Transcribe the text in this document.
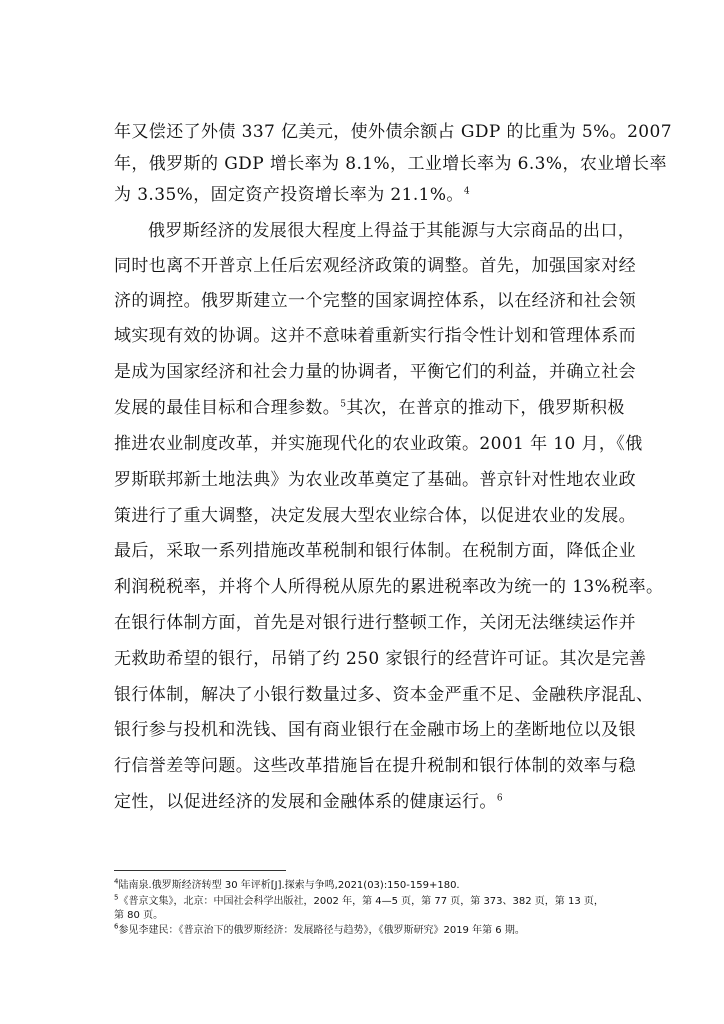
年又偿还了外债 337 亿美元，使外债余额占 GDP 的比重为 5%。2007
年，俄罗斯的 GDP 增长率为 8.1%，工业增长率为 6.3%，农业增长率
为 3.35%，固定资产投资增长率为 21.1%。$^4$
俄罗斯经济的发展很大程度上得益于其能源与大宗商品的出口，
同时也离不开普京上任后宏观经济政策的调整。首先，加强国家对经
济的调控。俄罗斯建立一个完整的国家调控体系，以在经济和社会领
域实现有效的协调。这并不意味着重新实行指令性计划和管理体系而
是成为国家经济和社会力量的协调者，平衡它们的利益，并确立社会
发展的最佳目标和合理参数。$^5$其次，在普京的推动下，俄罗斯积极
推进农业制度改革，并实施现代化的农业政策。2001 年 10 月，《俄
罗斯联邦新土地法典》为农业改革奠定了基础。普京针对性地农业政
策进行了重大调整，决定发展大型农业综合体，以促进农业的发展。
最后，采取一系列措施改革税制和银行体制。在税制方面，降低企业
利润税税率，并将个人所得税从原先的累进税率改为统一的 13%税率。
在银行体制方面，首先是对银行进行整顿工作，关闭无法继续运作并
无救助希望的银行，吊销了约 250 家银行的经营许可证。其次是完善
银行体制，解决了小银行数量过多、资本金严重不足、金融秩序混乱、
银行参与投机和洗钱、国有商业银行在金融市场上的垄断地位以及银
行信誉差等问题。这些改革措施旨在提升税制和银行体制的效率与稳
定性，以促进经济的发展和金融体系的健康运行。$^6$
$^4$陆南泉.俄罗斯经济转型 30 年评析[J].探索与争鸣,2021(03):150-159+180.
$^5$《普京文集》，北京：中国社会科学出版社，2002 年，第 4—5 页，第 77 页，第 373、382 页，第 13 页，
第 80 页。
$^6$参见李建民：《普京治下的俄罗斯经济：发展路径与趋势》，《俄罗斯研究》2019 年第 6 期。
